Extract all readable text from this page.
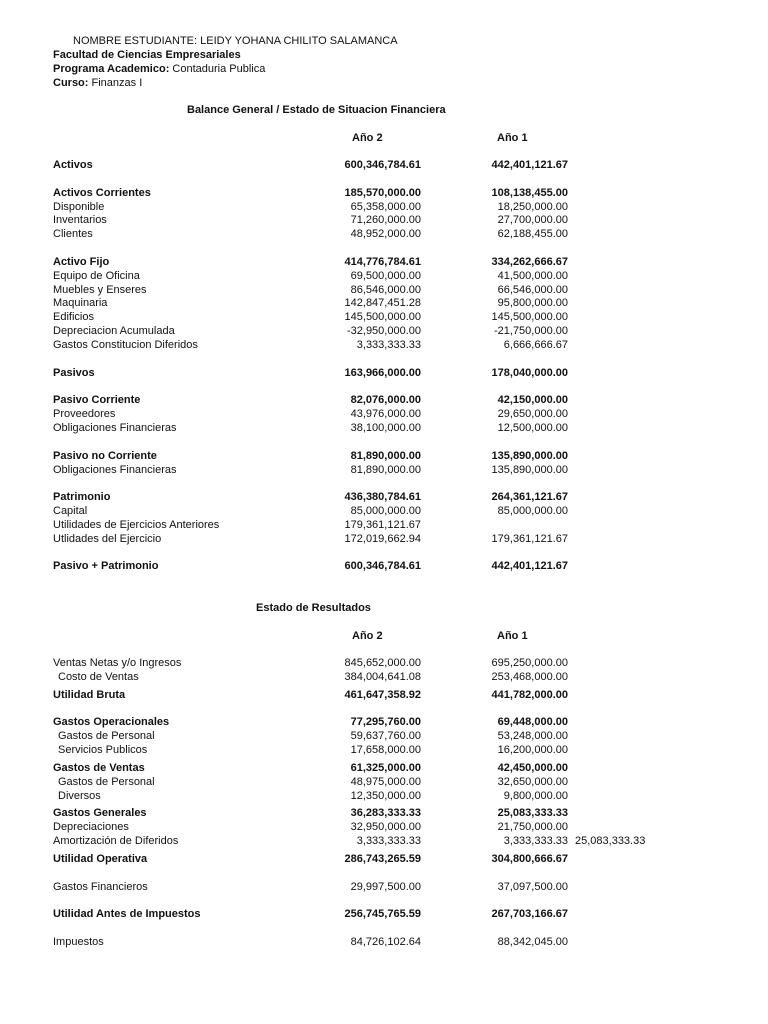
NOMBRE ESTUDIANTE: LEIDY YOHANA CHILITO SALAMANCA
Facultad de Ciencias Empresariales
Programa Academico: Contaduria Publica
Curso: Finanzas I
Balance General / Estado de Situacion Financiera
Año 2	Año 1
Activos	600,346,784.61	442,401,121.67
Activos Corrientes	185,570,000.00	108,138,455.00
Disponible	65,358,000.00	18,250,000.00
Inventarios	71,260,000.00	27,700,000.00
Clientes	48,952,000.00	62,188,455.00
Activo Fijo	414,776,784.61	334,262,666.67
Equipo de Oficina	69,500,000.00	41,500,000.00
Muebles y Enseres	86,546,000.00	66,546,000.00
Maquinaria	142,847,451.28	95,800,000.00
Edificios	145,500,000.00	145,500,000.00
Depreciacion Acumulada	-32,950,000.00	-21,750,000.00
Gastos Constitucion Diferidos	3,333,333.33	6,666,666.67
Pasivos	163,966,000.00	178,040,000.00
Pasivo Corriente	82,076,000.00	42,150,000.00
Proveedores	43,976,000.00	29,650,000.00
Obligaciones Financieras	38,100,000.00	12,500,000.00
Pasivo no Corriente	81,890,000.00	135,890,000.00
Obligaciones Financieras	81,890,000.00	135,890,000.00
Patrimonio	436,380,784.61	264,361,121.67
Capital	85,000,000.00	85,000,000.00
Utilidades de Ejercicios Anteriores	179,361,121.67
Utlidades del Ejercicio	172,019,662.94	179,361,121.67
Pasivo + Patrimonio	600,346,784.61	442,401,121.67
Estado de Resultados
Año 2	Año 1
Ventas Netas y/o Ingresos	845,652,000.00	695,250,000.00
Costo de Ventas	384,004,641.08	253,468,000.00
Utilidad Bruta	461,647,358.92	441,782,000.00
Gastos Operacionales	77,295,760.00	69,448,000.00
Gastos de Personal	59,637,760.00	53,248,000.00
Servicios Publicos	17,658,000.00	16,200,000.00
Gastos de Ventas	61,325,000.00	42,450,000.00
Gastos de Personal	48,975,000.00	32,650,000.00
Diversos	12,350,000.00	9,800,000.00
Gastos Generales	36,283,333.33	25,083,333.33
Depreciaciones	32,950,000.00	21,750,000.00
Amortización de Diferidos	3,333,333.33	3,333,333.33 25,083,333.33
Utilidad Operativa	286,743,265.59	304,800,666.67
Gastos Financieros	29,997,500.00	37,097,500.00
Utilidad Antes de Impuestos	256,745,765.59	267,703,166.67
Impuestos	84,726,102.64	88,342,045.00
